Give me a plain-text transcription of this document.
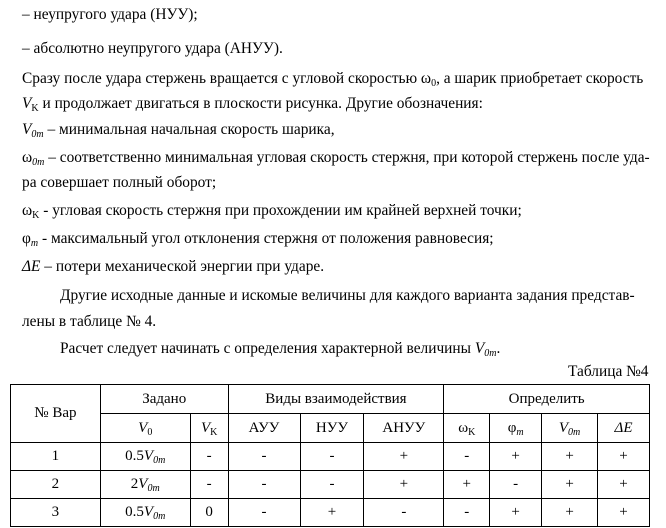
– неупругого удара (НУУ);
– абсолютно неупругого удара (АНУУ).
Сразу после удара стержень вращается с угловой скоростью $\omega_0$, а шарик приобретает скорость
$V_K$ и продолжает двигаться в плоскости рисунка. Другие обозначения:
$V_{0m}$ – минимальная начальная скорость шарика,
$\omega_{0m}$ – соответственно минимальная угловая скорость стержня, при которой стержень после уда-
ра совершает полный оборот;
$\omega_K$ - угловая скорость стержня при прохождении им крайней верхней точки;
$\varphi_m$ - максимальный угол отклонения стержня от положения равновесия;
ΔE – потери механической энергии при ударе.
Другие исходные данные и искомые величины для каждого варианта задания представ-
лены в таблице № 4.
Расчет следует начинать с определения характерной величины $V_{0m}$.
Таблица №4
№ Вар	Задано		Виды взаимодействия			Определить			
	$V_0$	$V_K$	АУУ	НУУ	АНУУ	$\omega_K$	$\varphi_m$	$V_{0m}$	ΔE
1	$0.5V_{0m}$	-	-	-	+	-	+	+	+
2	$2V_{0m}$	-	-	-	+	+	-	+	+
3	$0.5V_{0m}$	0	-	+	-	-	+	+	+
